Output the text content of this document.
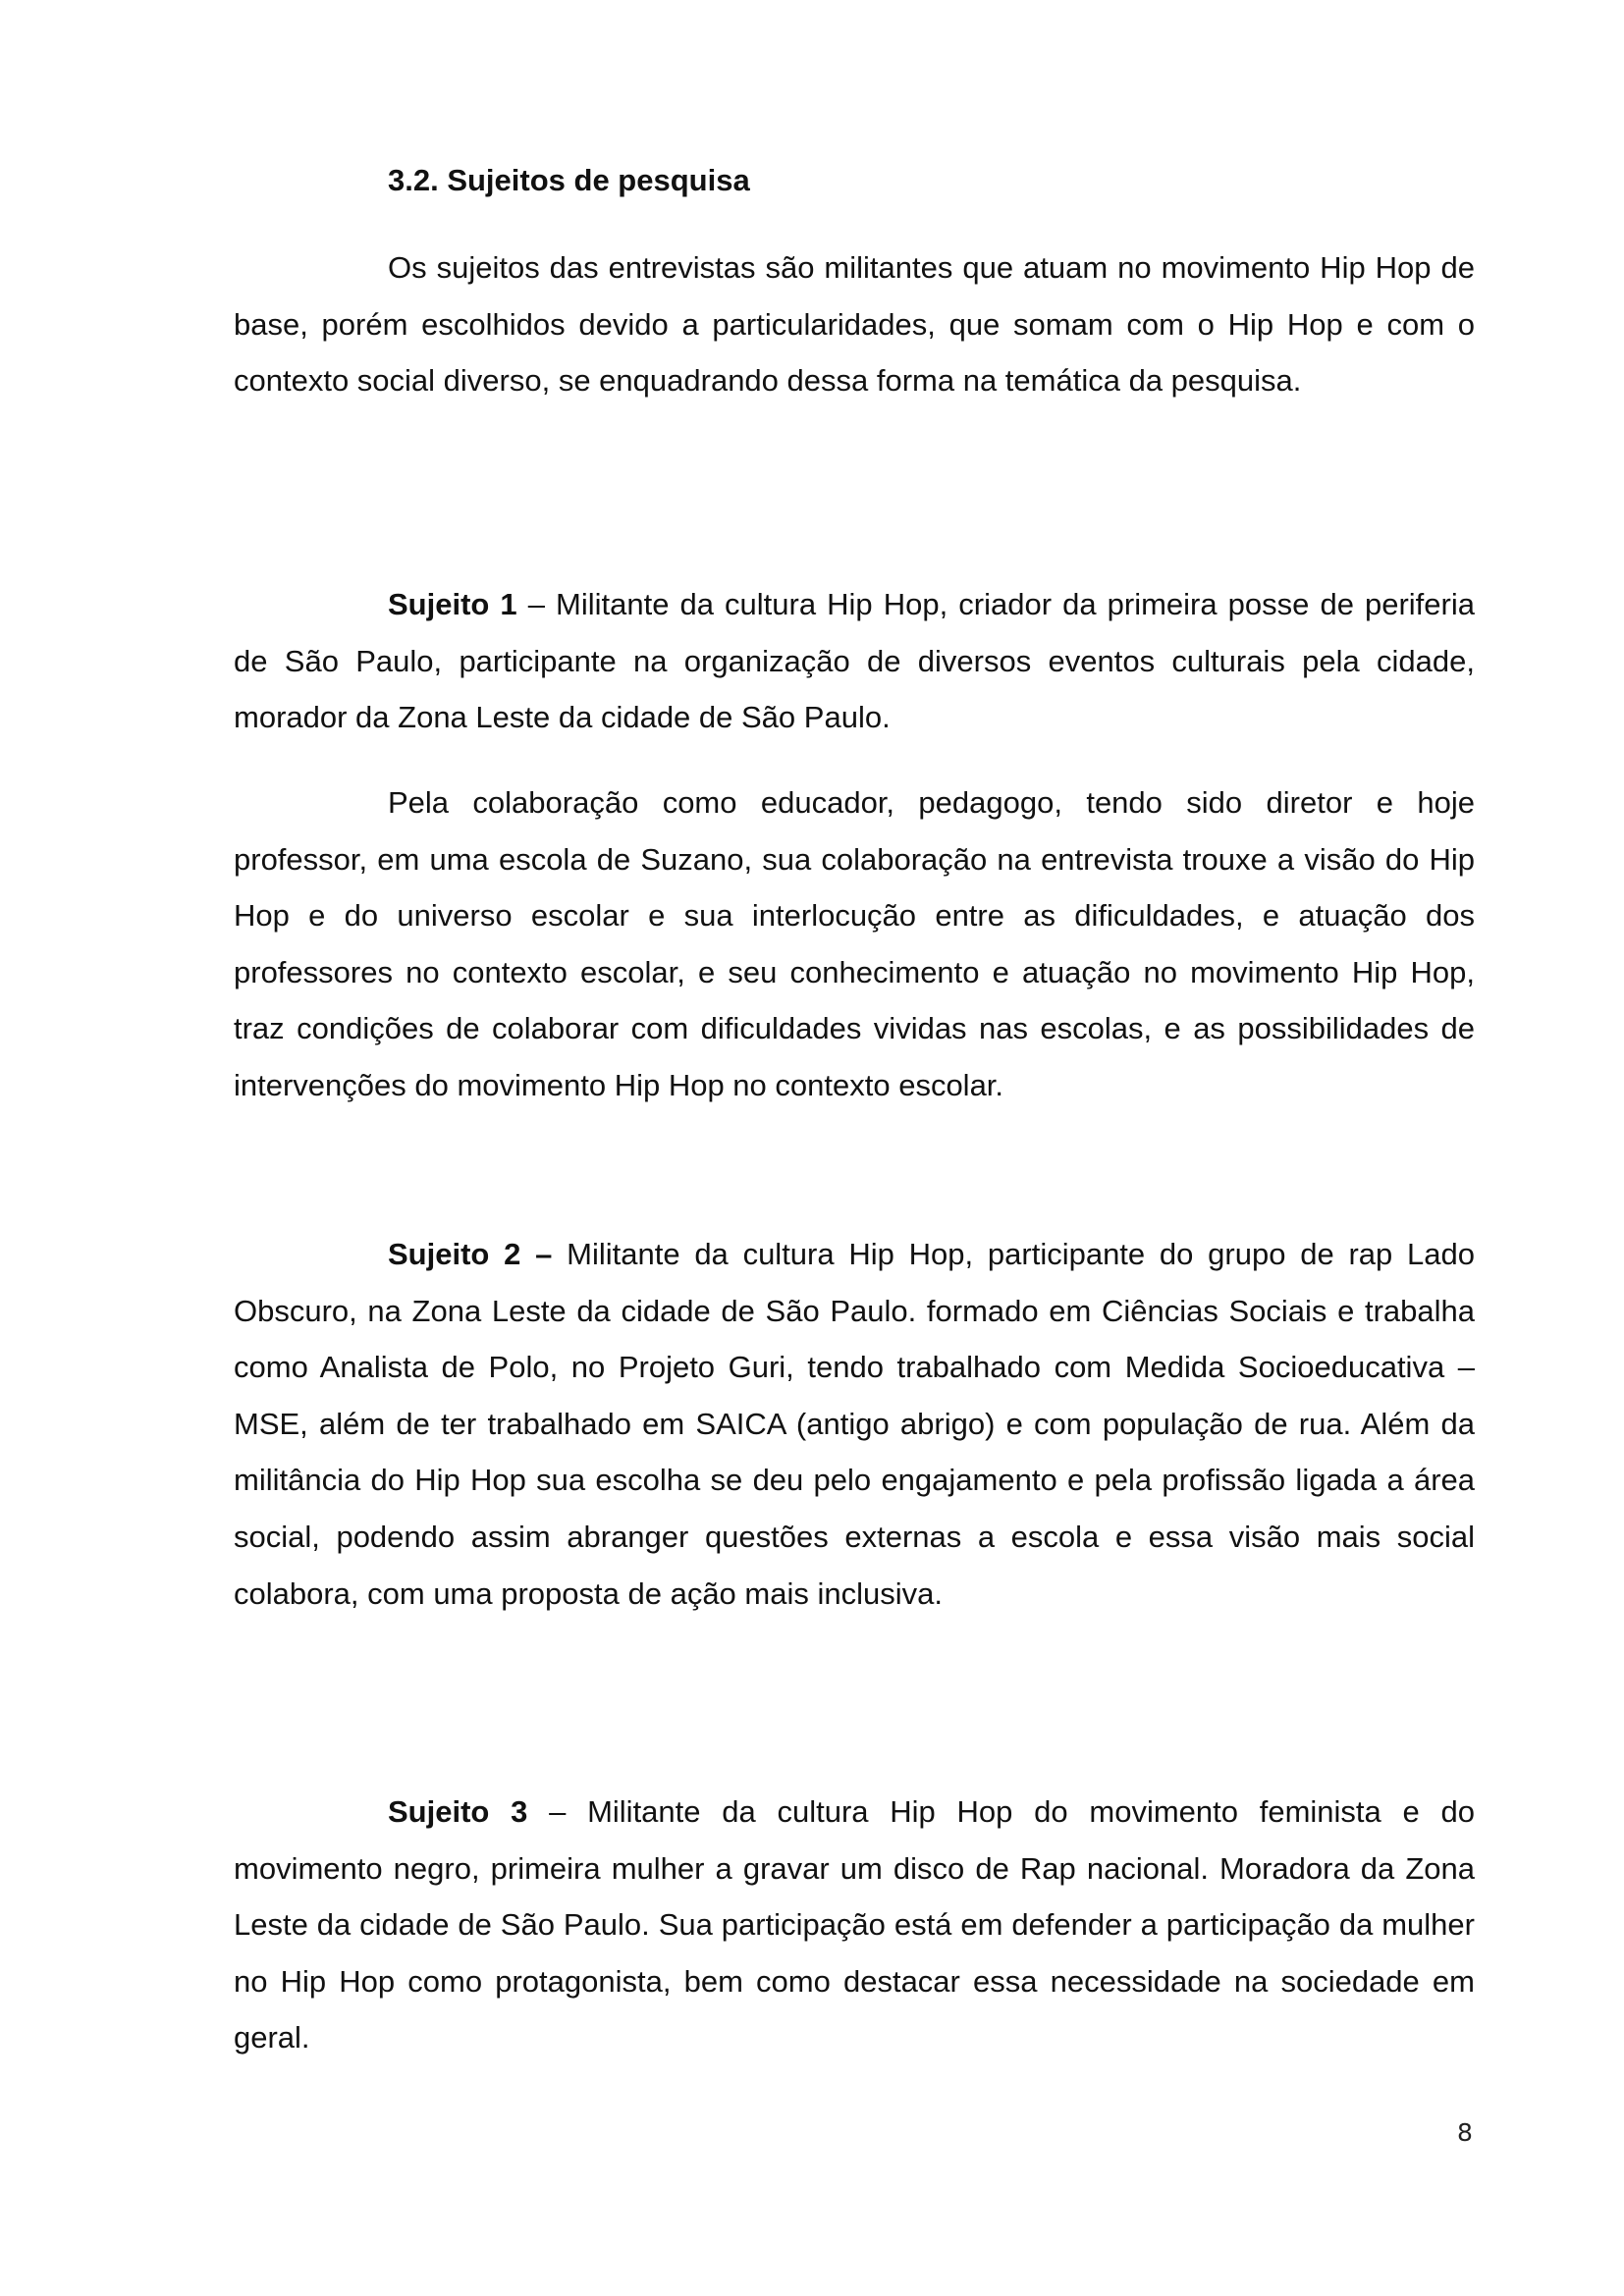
3.2. Sujeitos de pesquisa

Os sujeitos das entrevistas são militantes que atuam no movimento Hip Hop de base, porém escolhidos devido a particularidades, que somam com o Hip Hop e com o contexto social diverso, se enquadrando dessa forma na temática da pesquisa.

Sujeito 1 – Militante da cultura Hip Hop, criador da primeira posse de periferia de São Paulo, participante na organização de diversos eventos culturais pela cidade, morador da Zona Leste da cidade de São Paulo.

Pela colaboração como educador, pedagogo, tendo sido diretor e hoje professor, em uma escola de Suzano, sua colaboração na entrevista trouxe a visão do Hip Hop e do universo escolar e sua interlocução entre as dificuldades, e atuação dos professores no contexto escolar, e seu conhecimento e atuação no movimento Hip Hop, traz condições de colaborar com dificuldades vividas nas escolas, e as possibilidades de intervenções do movimento Hip Hop no contexto escolar.

Sujeito 2 – Militante da cultura Hip Hop, participante do grupo de rap Lado Obscuro, na Zona Leste da cidade de São Paulo. formado em Ciências Sociais e trabalha como Analista de Polo, no Projeto Guri, tendo trabalhado com Medida Socioeducativa – MSE, além de ter trabalhado em SAICA (antigo abrigo) e com população de rua. Além da militância do Hip Hop sua escolha se deu pelo engajamento e pela profissão ligada a área social, podendo assim abranger questões externas a escola e essa visão mais social colabora, com uma proposta de ação mais inclusiva.

Sujeito 3 – Militante da cultura Hip Hop do movimento feminista e do movimento negro, primeira mulher a gravar um disco de Rap nacional. Moradora da Zona Leste da cidade de São Paulo. Sua participação está em defender a participação da mulher no Hip Hop como protagonista, bem como destacar essa necessidade na sociedade em geral.

8
